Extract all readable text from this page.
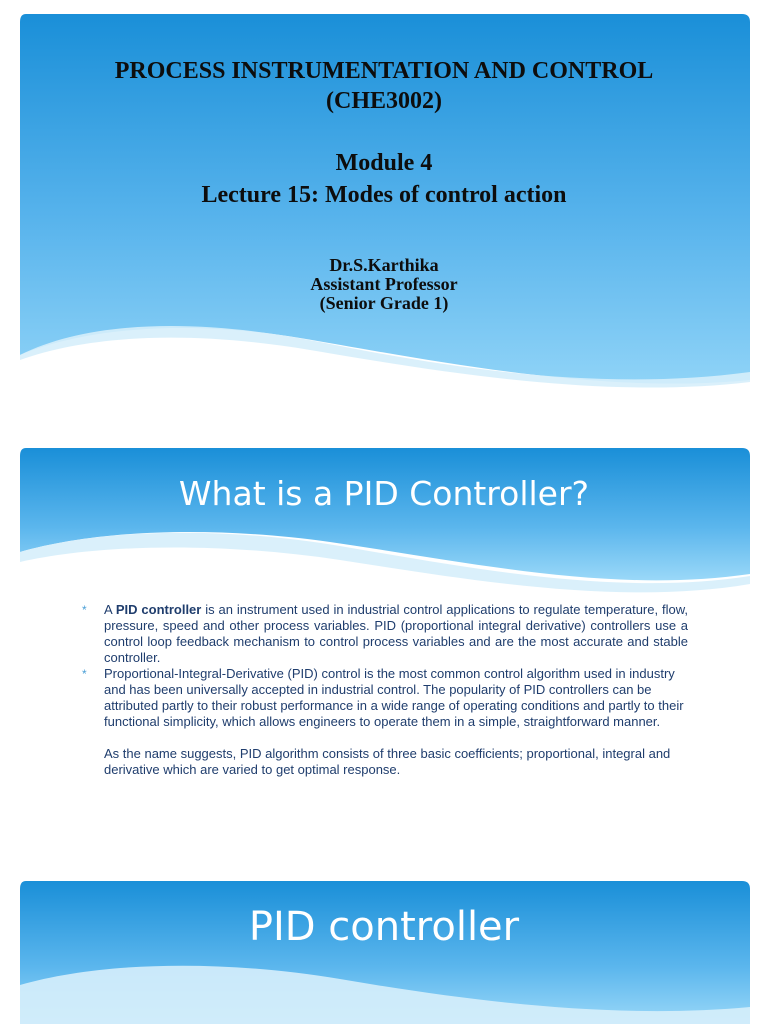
PROCESS INSTRUMENTATION AND CONTROL
(CHE3002)
Module 4
Lecture 15: Modes of control action

Dr.S.Karthika

Assistant Professor

(Senior Grade 1)

What is a PID Controller?
* A PID controller is an instrument used in industrial control applications to regulate temperature, flow, pressure, speed and other process variables. PID (proportional integral derivative) controllers use a control loop feedback mechanism to control process variables and are the most accurate and stable controller.
* Proportional-Integral-Derivative (PID) control is the most common control algorithm used in industry and has been universally accepted in industrial control. The popularity of PID controllers can be attributed partly to their robust performance in a wide range of operating conditions and partly to their functional simplicity, which allows engineers to operate them in a simple, straightforward manner.
As the name suggests, PID algorithm consists of three basic coefficients; proportional, integral and derivative which are varied to get optimal response.
PID controller
